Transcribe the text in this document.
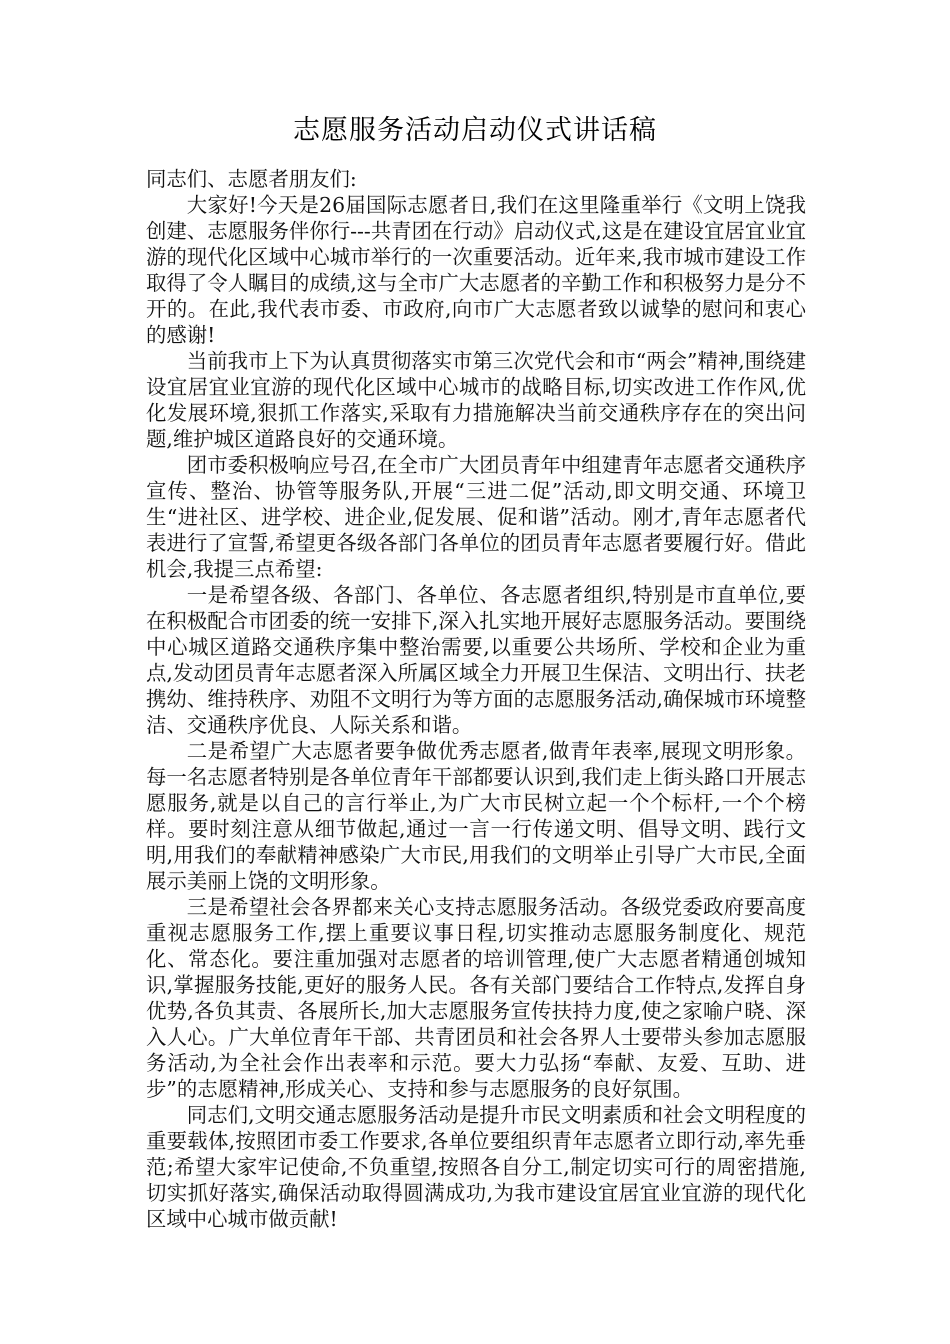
志愿服务活动启动仪式讲话稿

同志们、志愿者朋友们:

大家好!今天是26届国际志愿者日,我们在这里隆重举行《文明上饶我创建、志愿服务伴你行---共青团在行动》启动仪式,这是在建设宜居宜业宜游的现代化区域中心城市举行的一次重要活动。近年来,我市城市建设工作取得了令人瞩目的成绩,这与全市广大志愿者的辛勤工作和积极努力是分不开的。在此,我代表市委、市政府,向市广大志愿者致以诚挚的慰问和衷心的感谢!

当前我市上下为认真贯彻落实市第三次党代会和市“两会”精神,围绕建设宜居宜业宜游的现代化区域中心城市的战略目标,切实改进工作作风,优化发展环境,狠抓工作落实,采取有力措施解决当前交通秩序存在的突出问题,维护城区道路良好的交通环境。

团市委积极响应号召,在全市广大团员青年中组建青年志愿者交通秩序宣传、整治、协管等服务队,开展“三进二促”活动,即文明交通、环境卫生“进社区、进学校、进企业,促发展、促和谐”活动。刚才,青年志愿者代表进行了宣誓,希望更各级各部门各单位的团员青年志愿者要履行好。借此机会,我提三点希望:

一是希望各级、各部门、各单位、各志愿者组织,特别是市直单位,要在积极配合市团委的统一安排下,深入扎实地开展好志愿服务活动。要围绕中心城区道路交通秩序集中整治需要,以重要公共场所、学校和企业为重点,发动团员青年志愿者深入所属区域全力开展卫生保洁、文明出行、扶老携幼、维持秩序、劝阻不文明行为等方面的志愿服务活动,确保城市环境整洁、交通秩序优良、人际关系和谐。

二是希望广大志愿者要争做优秀志愿者,做青年表率,展现文明形象。每一名志愿者特别是各单位青年干部都要认识到,我们走上街头路口开展志愿服务,就是以自己的言行举止,为广大市民树立起一个个标杆,一个个榜样。要时刻注意从细节做起,通过一言一行传递文明、倡导文明、践行文明,用我们的奉献精神感染广大市民,用我们的文明举止引导广大市民,全面展示美丽上饶的文明形象。

三是希望社会各界都来关心支持志愿服务活动。各级党委政府要高度重视志愿服务工作,摆上重要议事日程,切实推动志愿服务制度化、规范化、常态化。要注重加强对志愿者的培训管理,使广大志愿者精通创城知识,掌握服务技能,更好的服务人民。各有关部门要结合工作特点,发挥自身优势,各负其责、各展所长,加大志愿服务宣传扶持力度,使之家喻户晓、深入人心。广大单位青年干部、共青团员和社会各界人士要带头参加志愿服务活动,为全社会作出表率和示范。要大力弘扬“奉献、友爱、互助、进步”的志愿精神,形成关心、支持和参与志愿服务的良好氛围。

同志们,文明交通志愿服务活动是提升市民文明素质和社会文明程度的重要载体,按照团市委工作要求,各单位要组织青年志愿者立即行动,率先垂范;希望大家牢记使命,不负重望,按照各自分工,制定切实可行的周密措施,切实抓好落实,确保活动取得圆满成功,为我市建设宜居宜业宜游的现代化区域中心城市做贡献!
